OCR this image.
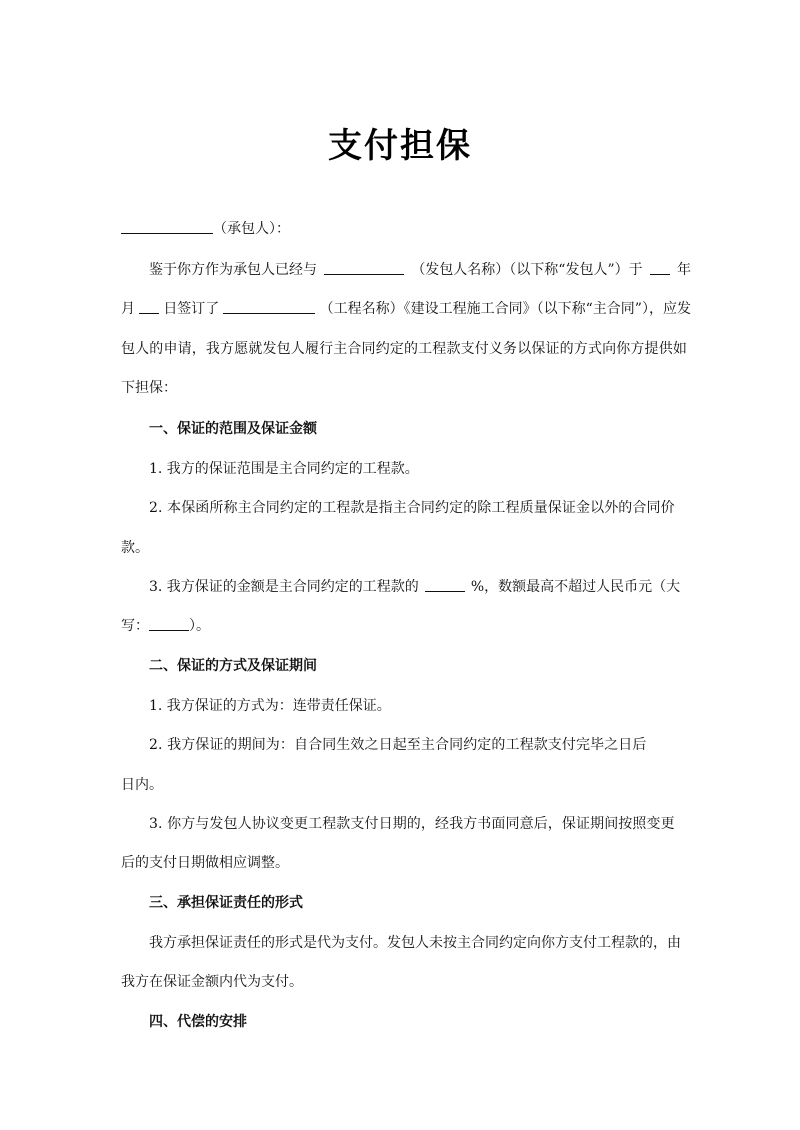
支付担保
（承包人）：
鉴于你方作为承包人已经与	（发包人名称）（以下称“发包人”）于 年
月 日签订了	（工程名称）《建设工程施工合同》（以下称“主合同”），应发
包人的申请，我方愿就发包人履行主合同约定的工程款支付义务以保证的方式向你方提供如
下担保：
一、保证的范围及保证金额
1. 我方的保证范围是主合同约定的工程款。
2. 本保函所称主合同约定的工程款是指主合同约定的除工程质量保证金以外的合同价
款。
3. 我方保证的金额是主合同约定的工程款的	%，数额最高不超过人民币元（大
写：	）。
二、保证的方式及保证期间
1. 我方保证的方式为：连带责任保证。
2. 我方保证的期间为：自合同生效之日起至主合同约定的工程款支付完毕之日后
日内。
3. 你方与发包人协议变更工程款支付日期的，经我方书面同意后，保证期间按照变更
后的支付日期做相应调整。
三、承担保证责任的形式
我方承担保证责任的形式是代为支付。发包人未按主合同约定向你方支付工程款的，由
我方在保证金额内代为支付。
四、代偿的安排
